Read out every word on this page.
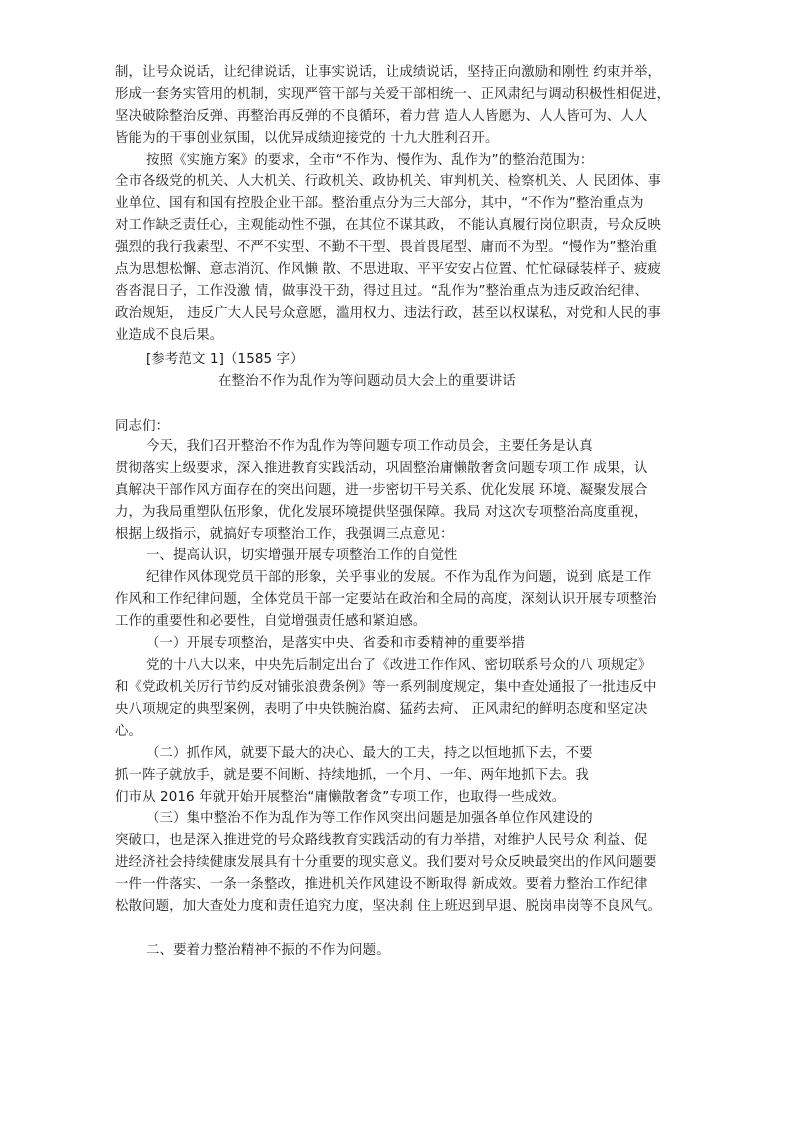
制，让号众说话，让纪律说话，让事实说话，让成绩说话，坚持正向激励和刚性 约束并举，
形成一套务实管用的机制，实现严管干部与关爱干部相统一、正风肃纪与调动积极性相促进，
坚决破除整治反弹、再整治再反弹的不良循环，着力营 造人人皆愿为、人人皆可为、人人
皆能为的干事创业氛围，以优异成绩迎接党的 十九大胜利召开。
按照《实施方案》的要求，全市“不作为、慢作为、乱作为”的整治范围为：
全市各级党的机关、人大机关、行政机关、政协机关、审判机关、检察机关、人 民团体、事
业单位、国有和国有控股企业干部。整治重点分为三大部分，其中，“不作为”整治重点为
对工作缺乏责任心，主观能动性不强，在其位不谋其政， 不能认真履行岗位职责，号众反映
强烈的我行我素型、不严不实型、不勤不干型、畏首畏尾型、庸而不为型。“慢作为”整治重
点为思想松懈、意志消沉、作风懒 散、不思进取、平平安安占位置、忙忙碌碌装样子、疲疲
沓沓混日子，工作没激 情，做事没干劲，得过且过。“乱作为”整治重点为违反政治纪律、
政治规矩， 违反广大人民号众意愿，滥用权力、违法行政，甚至以权谋私，对党和人民的事
业造成不良后果。
[参考范文 1]（1585 字）
在整治不作为乱作为等问题动员大会上的重要讲话
同志们：
今天，我们召开整治不作为乱作为等问题专项工作动员会，主要任务是认真
贯彻落实上级要求，深入推进教育实践活动，巩固整治庸懒散奢贪问题专项工作 成果，认
真解决干部作风方面存在的突出问题，进一步密切干号关系、优化发展 环境、凝聚发展合
力，为我局重塑队伍形象，优化发展环境提供坚强保障。我局 对这次专项整治高度重视，
根据上级指示，就搞好专项整治工作，我强调三点意见：
一、提高认识，切实增强开展专项整治工作的自觉性
纪律作风体现党员干部的形象，关乎事业的发展。不作为乱作为问题，说到 底是工作
作风和工作纪律问题，全体党员干部一定要站在政治和全局的高度，深刻认识开展专项整治
工作的重要性和必要性，自觉增强责任感和紧迫感。
（一）开展专项整治，是落实中央、省委和市委精神的重要举措
党的十八大以来，中央先后制定出台了《改进工作作风、密切联系号众的八 项规定》
和《党政机关厉行节约反对铺张浪费条例》等一系列制度规定，集中查处通报了一批违反中
央八项规定的典型案例，表明了中央铁腕治腐、猛药去疴、 正风肃纪的鲜明态度和坚定决
心。
（二）抓作风，就要下最大的决心、最大的工夫，持之以恒地抓下去，不要
抓一阵子就放手，就是要不间断、持续地抓，一个月、一年、两年地抓下去。我
们市从 2016 年就开始开展整治“庸懒散奢贪”专项工作，也取得一些成效。
（三）集中整治不作为乱作为等工作作风突出问题是加强各单位作风建设的
突破口，也是深入推进党的号众路线教育实践活动的有力举措，对维护人民号众 利益、促
进经济社会持续健康发展具有十分重要的现实意义。我们要对号众反映最突出的作风问题要
一件一件落实、一条一条整改，推进机关作风建设不断取得 新成效。要着力整治工作纪律
松散问题，加大查处力度和责任追究力度，坚决刹 住上班迟到早退、脱岗串岗等不良风气。
二、要着力整治精神不振的不作为问题。
